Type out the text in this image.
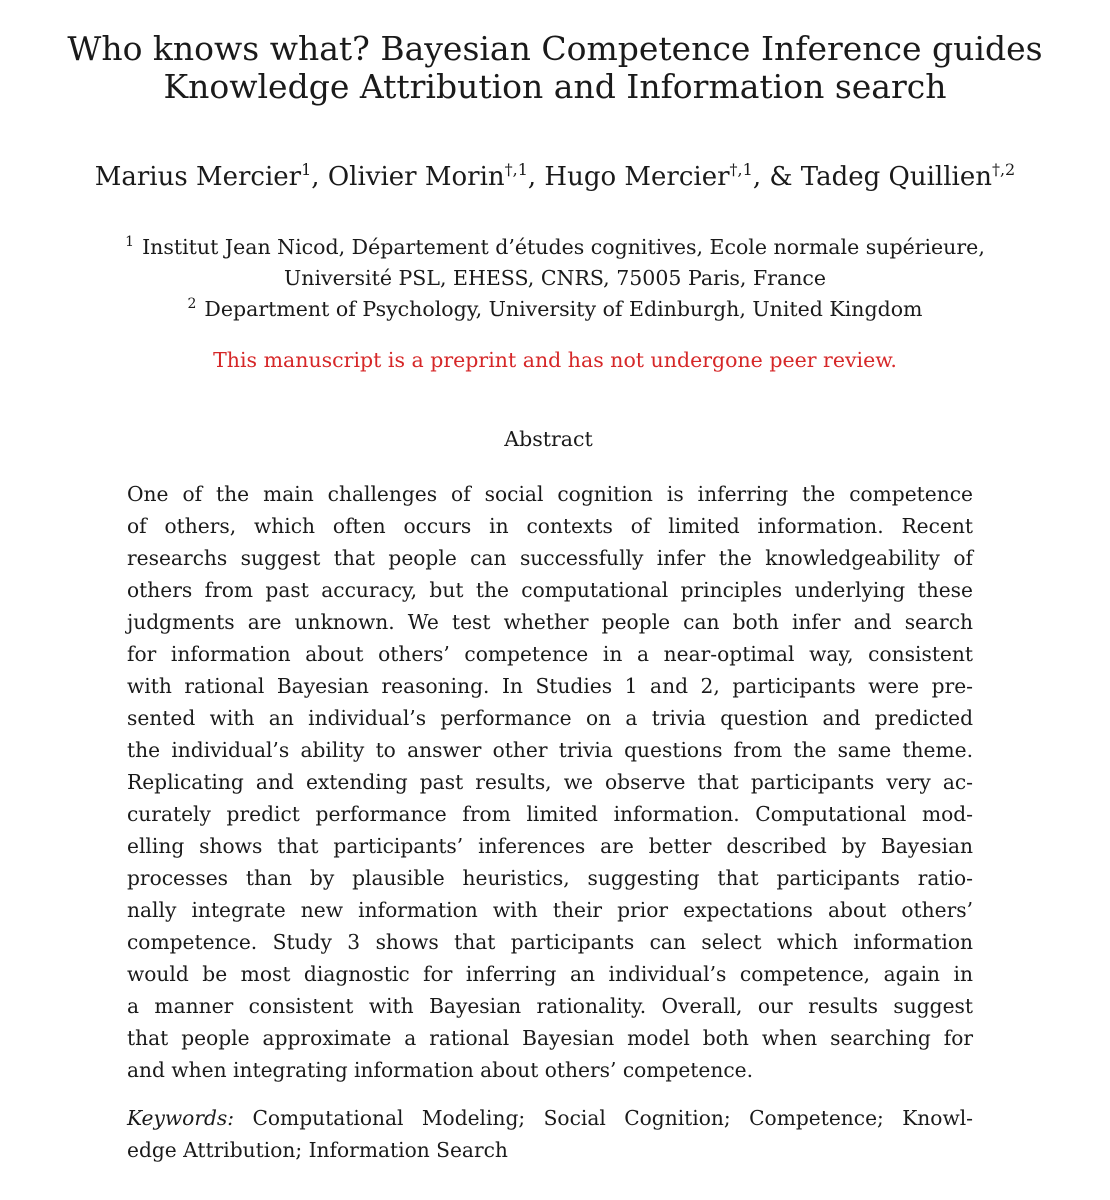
Who knows what? Bayesian Competence Inference guides
Knowledge Attribution and Information search
Marius Mercier$^1$, Olivier Morin$^{\dagger,1}$, Hugo Mercier$^{\dagger,1}$, & Tadeg Quillien$^{\dagger,2}$
$^1$ Institut Jean Nicod, Département d’études cognitives, Ecole normale supérieure,
Université PSL, EHESS, CNRS, 75005 Paris, France
$^2$ Department of Psychology, University of Edinburgh, United Kingdom
This manuscript is a preprint and has not undergone peer review.
Abstract
One of the main challenges of social cognition is inferring the competence
of others, which often occurs in contexts of limited information. Recent
researchs suggest that people can successfully infer the knowledgeability of
others from past accuracy, but the computational principles underlying these
judgments are unknown. We test whether people can both infer and search
for information about others’ competence in a near-optimal way, consistent
with rational Bayesian reasoning. In Studies 1 and 2, participants were pre-
sented with an individual’s performance on a trivia question and predicted
the individual’s ability to answer other trivia questions from the same theme.
Replicating and extending past results, we observe that participants very ac-
curately predict performance from limited information. Computational mod-
elling shows that participants’ inferences are better described by Bayesian
processes than by plausible heuristics, suggesting that participants ratio-
nally integrate new information with their prior expectations about others’
competence. Study 3 shows that participants can select which information
would be most diagnostic for inferring an individual’s competence, again in
a manner consistent with Bayesian rationality. Overall, our results suggest
that people approximate a rational Bayesian model both when searching for
and when integrating information about others’ competence.
Keywords: Computational Modeling; Social Cognition; Competence; Knowl-
edge Attribution; Information Search
